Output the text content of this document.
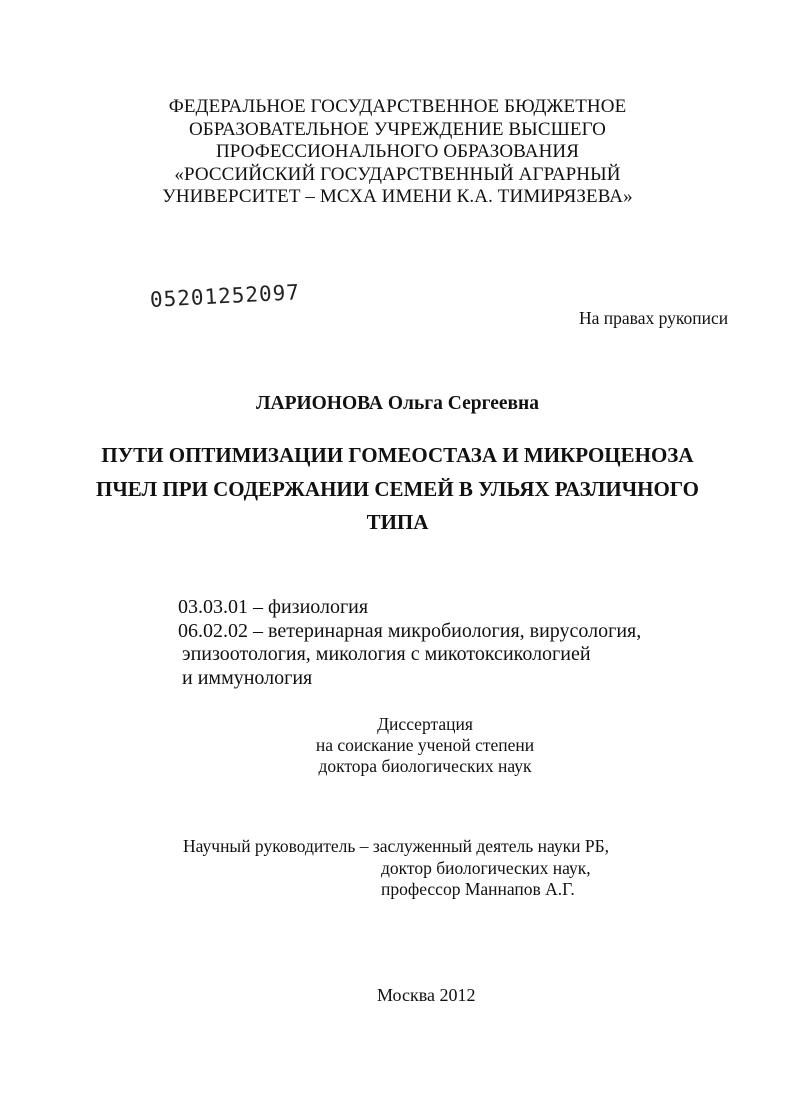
ФЕДЕРАЛЬНОЕ ГОСУДАРСТВЕННОЕ БЮДЖЕТНОЕ
ОБРАЗОВАТЕЛЬНОЕ УЧРЕЖДЕНИЕ ВЫСШЕГО
ПРОФЕССИОНАЛЬНОГО ОБРАЗОВАНИЯ
«РОССИЙСКИЙ ГОСУДАРСТВЕННЫЙ АГРАРНЫЙ
УНИВЕРСИТЕТ – МСХА ИМЕНИ К.А. ТИМИРЯЗЕВА»
05201252097
На правах рукописи
ЛАРИОНОВА Ольга Сергеевна
ПУТИ ОПТИМИЗАЦИИ ГОМЕОСТАЗА И МИКРОЦЕНОЗА
ПЧЕЛ ПРИ СОДЕРЖАНИИ СЕМЕЙ В УЛЬЯХ РАЗЛИЧНОГО
ТИПА
03.03.01 – физиология
06.02.02 – ветеринарная микробиология, вирусология,
эпизоотология, микология с микотоксикологией
и иммунология
Диссертация
на соискание ученой степени
доктора биологических наук
Научный руководитель – заслуженный деятель науки РБ,
доктор биологических наук,
профессор Маннапов А.Г.
Москва 2012
